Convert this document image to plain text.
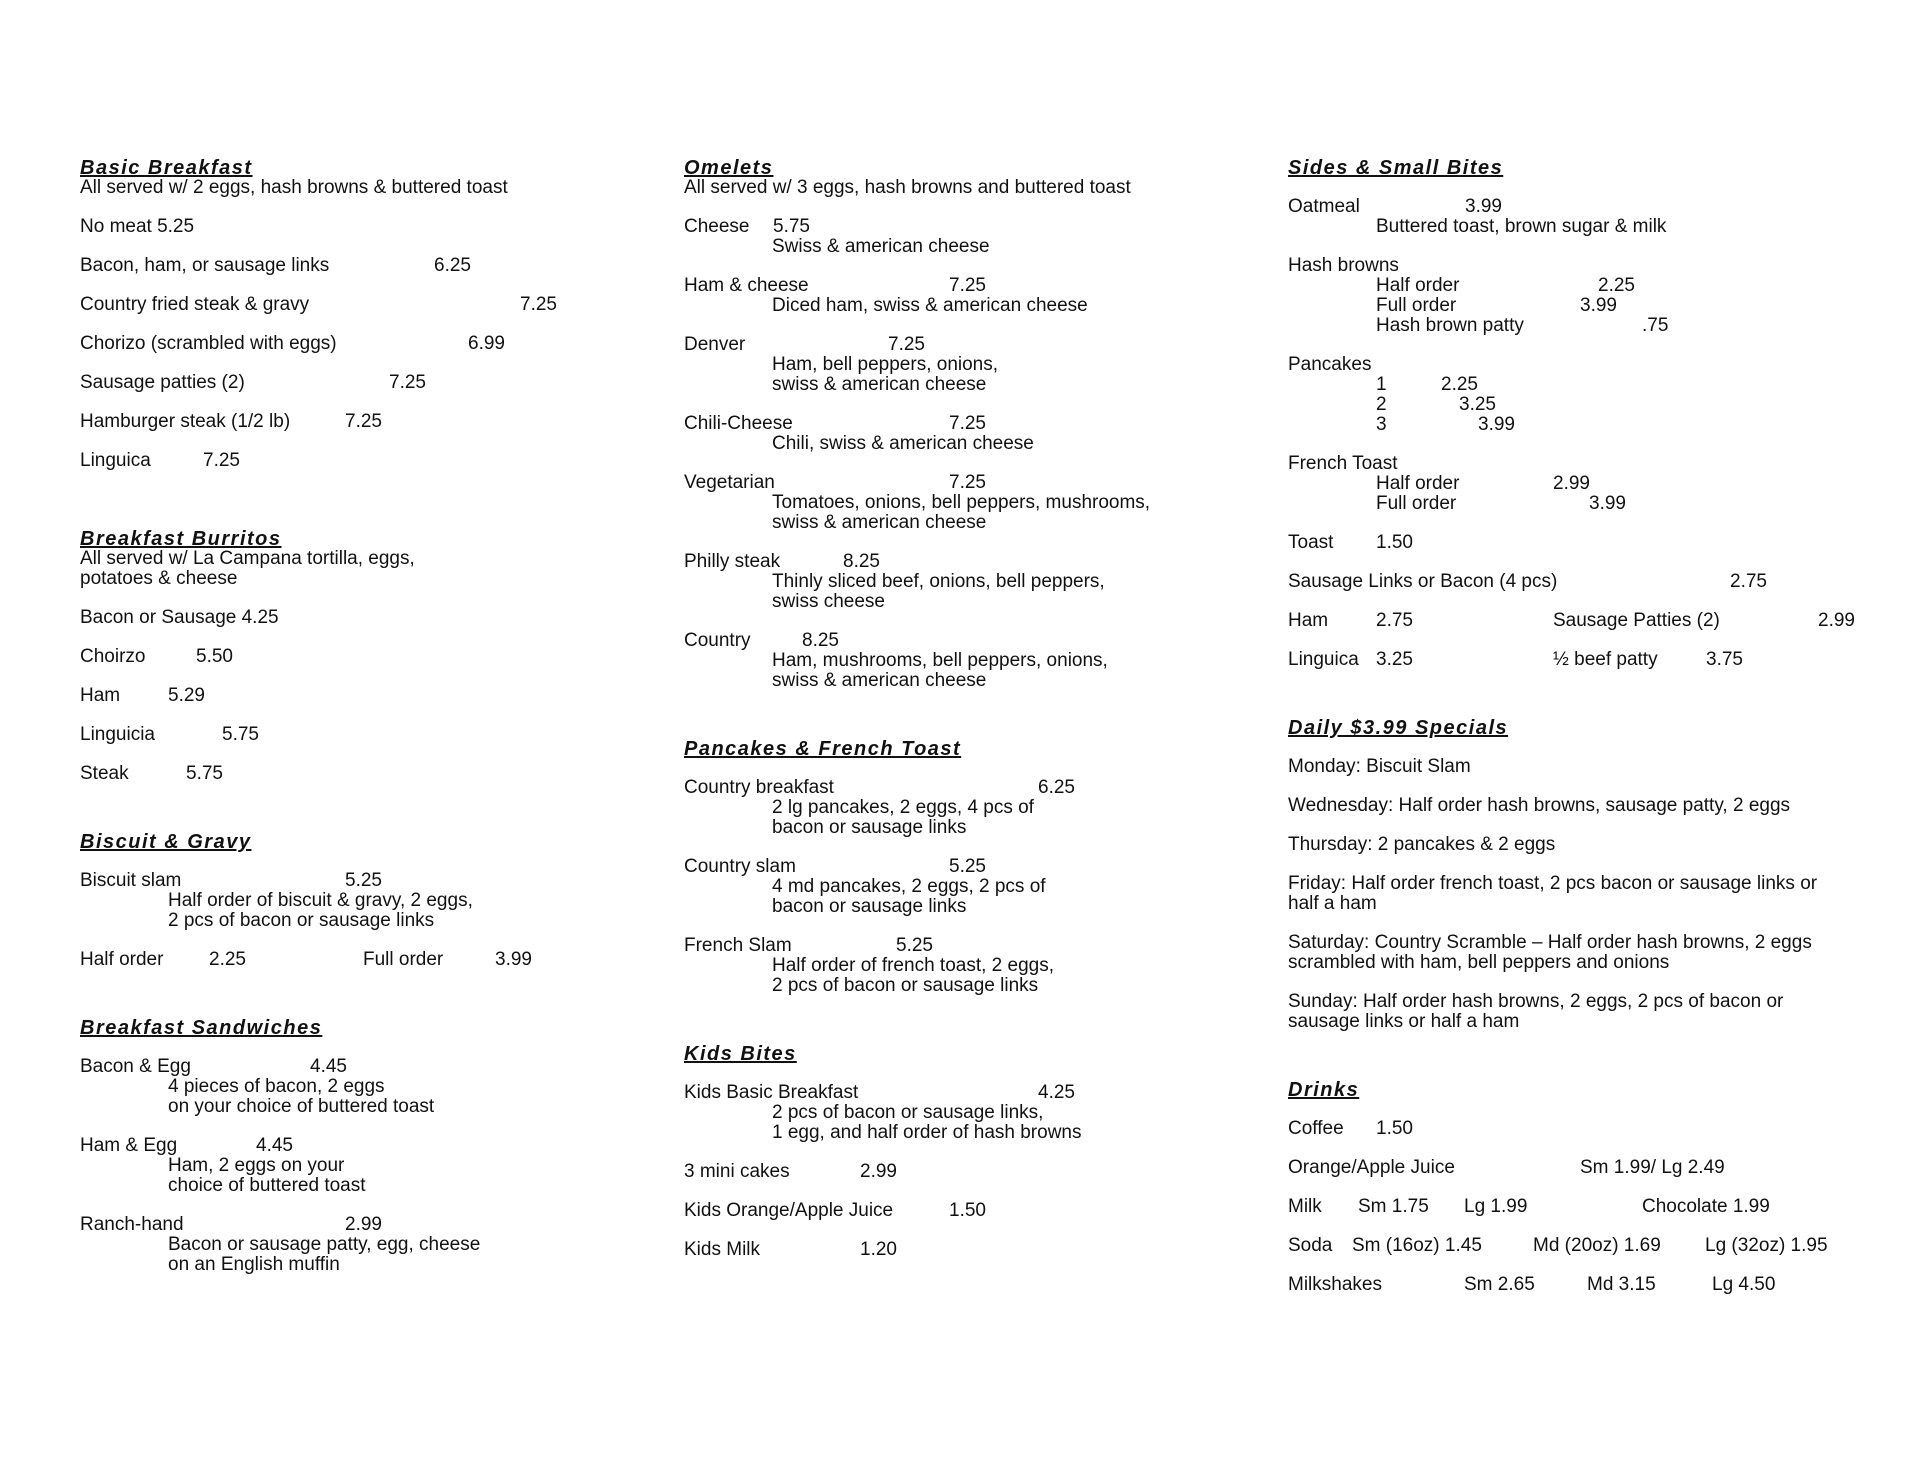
Basic Breakfast
All served w/ 2 eggs, hash browns & buttered toast
No meat 5.25
Bacon, ham, or sausage links	6.25
Country fried steak & gravy	7.25
Chorizo (scrambled with eggs)	6.99
Sausage patties (2)	7.25
Hamburger steak (1/2 lb)	7.25
Linguica	7.25
Breakfast Burritos
All served w/ La Campana tortilla, eggs,
potatoes & cheese
Bacon or Sausage 4.25
Choirzo	5.50
Ham	5.29
Linguicia	5.75
Steak	5.75
Biscuit & Gravy
Biscuit slam	5.25
Half order of biscuit & gravy, 2 eggs,
2 pcs of bacon or sausage links
Half order 2.25	Full order	3.99
Breakfast Sandwiches
Bacon & Egg	4.45
4 pieces of bacon, 2 eggs
on your choice of buttered toast
Ham & Egg	4.45
Ham, 2 eggs on your
choice of buttered toast
Ranch-hand	2.99
Bacon or sausage patty, egg, cheese
on an English muffin
Omelets
All served w/ 3 eggs, hash browns and buttered toast
Cheese 5.75
Swiss & american cheese
Ham & cheese	7.25
Diced ham, swiss & american cheese
Denver	7.25
Ham, bell peppers, onions,
swiss & american cheese
Chili-Cheese	7.25
Chili, swiss & american cheese
Vegetarian	7.25
Tomatoes, onions, bell peppers, mushrooms,
swiss & american cheese
Philly steak	8.25
Thinly sliced beef, onions, bell peppers,
swiss cheese
Country	8.25
Ham, mushrooms, bell peppers, onions,
swiss & american cheese
Pancakes & French Toast
Country breakfast	6.25
2 lg pancakes, 2 eggs, 4 pcs of
bacon or sausage links
Country slam	5.25
4 md pancakes, 2 eggs, 2 pcs of
bacon or sausage links
French Slam	5.25
Half order of french toast, 2 eggs,
2 pcs of bacon or sausage links
Kids Bites
Kids Basic Breakfast	4.25
2 pcs of bacon or sausage links,
1 egg, and half order of hash browns
3 mini cakes	2.99
Kids Orange/Apple Juice	1.50
Kids Milk	1.20
Sides & Small Bites
Oatmeal	3.99
Buttered toast, brown sugar & milk
Hash browns
Half order	2.25
Full order	3.99
Hash brown patty	.75
Pancakes
1	2.25
2	3.25
3	3.99
French Toast
Half order	2.99
Full order	3.99
Toast 1.50
Sausage Links or Bacon (4 pcs)	2.75
Ham	2.75	Sausage Patties (2)	2.99
Linguica 3.25	½ beef patty	3.75
Daily $3.99 Specials
Monday: Biscuit Slam
Wednesday: Half order hash browns, sausage patty, 2 eggs
Thursday: 2 pancakes & 2 eggs
Friday: Half order french toast, 2 pcs bacon or sausage links or
half a ham
Saturday: Country Scramble – Half order hash browns, 2 eggs
scrambled with ham, bell peppers and onions
Sunday: Half order hash browns, 2 eggs, 2 pcs of bacon or
sausage links or half a ham
Drinks
Coffee 1.50
Orange/Apple Juice	Sm 1.99/ Lg 2.49
Milk Sm 1.75 Lg 1.99	Chocolate 1.99
Soda Sm (16oz) 1.45	Md (20oz) 1.69 Lg (32oz) 1.95
Milkshakes	Sm 2.65	Md 3.15	Lg 4.50
